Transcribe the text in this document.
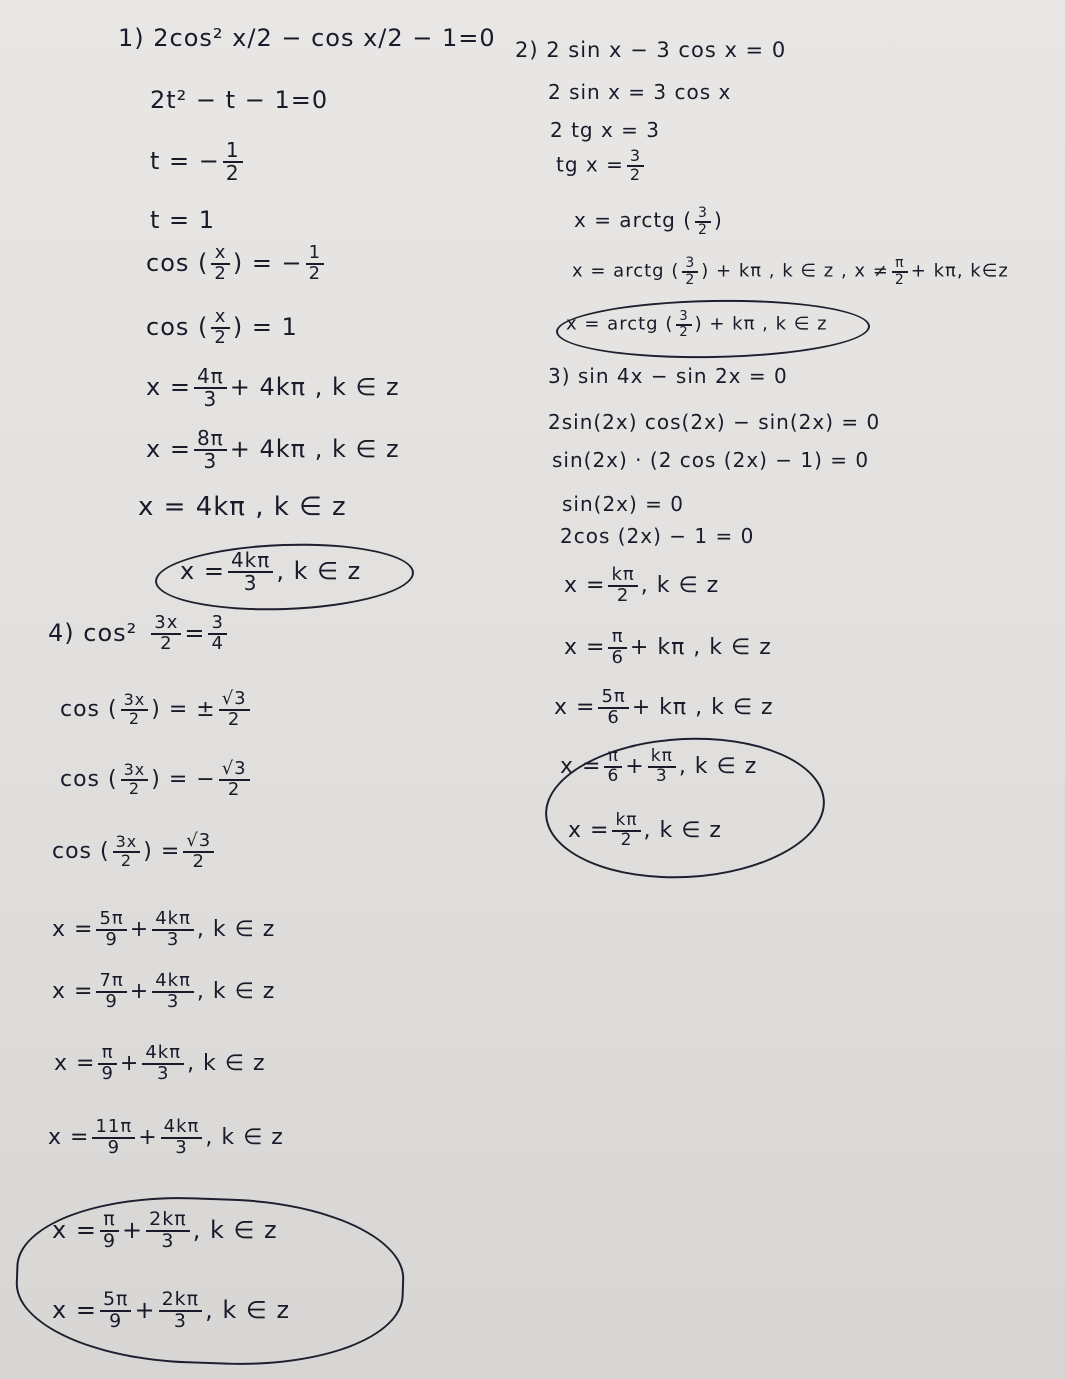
1) 2cos² x/2 − cos x/2 − 1=0
2t² − t − 1=0
t = − $\frac{1}{2}$
t = 1
cos ( $\frac{x}{2}$ ) = − $\frac{1}{2}$
cos ( $\frac{x}{2}$ ) = 1
$x = \frac{4\pi}{3} + 4k\pi$ , k ∈ z
$x = \frac{8\pi}{3} + 4k\pi$ , k ∈ z
x = 4kπ , k ∈ z
$x = \frac{4k\pi}{3}$ , k ∈ z
2) 2 sin x − 3 cos x = 0
2 sin x = 3 cos x
2 tg x = 3
tg $x = \frac{3}{2}$
x = arctg ( $\frac{3}{2}$ )
x = arctg ( $\frac{3}{2}$ ) + kπ , k ∈ z , $x \ne \frac{\pi}{2} + k\pi$, k∈z
x = arctg ( $\frac{3}{2}$ ) + kπ , k ∈ z
3) sin 4x − sin 2x = 0
2sin(2x) cos(2x) − sin(2x) = 0
sin(2x) · (2 cos (2x) − 1) = 0
sin(2x) = 0
2cos (2x) − 1 = 0
$x = \frac{k\pi}{2}$ , k ∈ z
$x = \frac{\pi}{6} + k\pi$ , k ∈ z
$x = \frac{5\pi}{6} + k\pi$ , k ∈ z
$x = \frac{\pi}{6} + \frac{k\pi}{3}$ , k ∈ z
$x = \frac{k\pi}{2}$ , k ∈ z
4) $\cos^2 \frac{3x}{2} = \frac{3}{4}$
cos ( $\frac{3x}{2}$ ) = ± $\frac{√3}{2}$
cos ( $\frac{3x}{2}$ ) = − $\frac{√3}{2}$
cos ( $\frac{3x}{2}$ ) = $\frac{√3}{2}$
$x = \frac{5\pi}{9} + \frac{4k\pi}{3}$ , k ∈ z
$x = \frac{7\pi}{9} + \frac{4k\pi}{3}$ , k ∈ z
$x = \frac{\pi}{9} + \frac{4k\pi}{3}$ , k ∈ z
$x = \frac{11\pi}{9} + \frac{4k\pi}{3}$ , k ∈ z
$x = \frac{\pi}{9} + \frac{2k\pi}{3}$ , k ∈ z
$x = \frac{5\pi}{9} + \frac{2k\pi}{3}$ , k ∈ z
